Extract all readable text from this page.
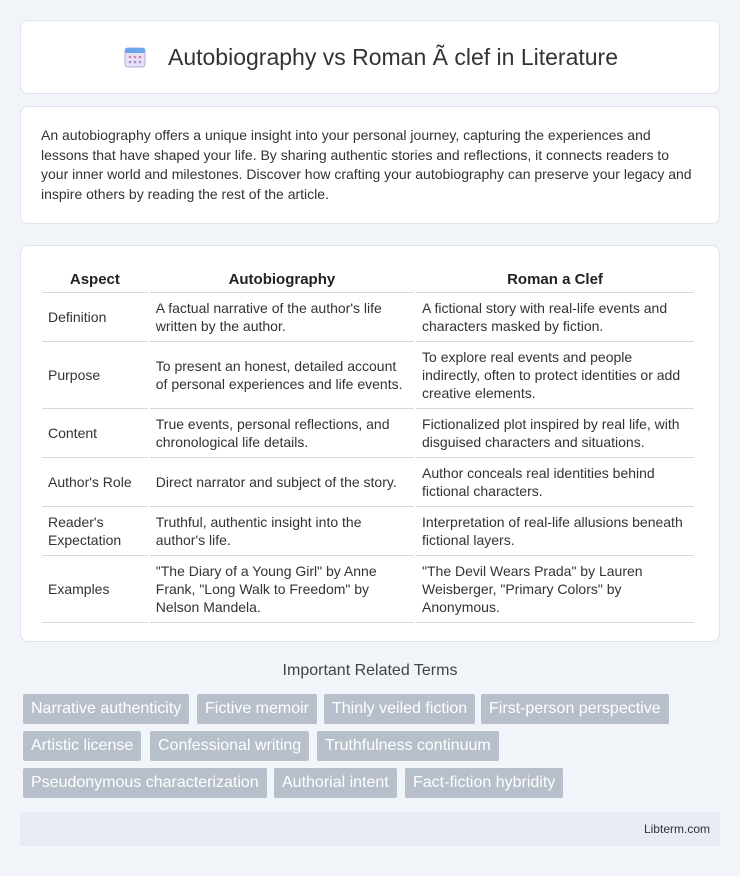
Autobiography vs Roman Ã clef in Literature

An autobiography offers a unique insight into your personal journey, capturing the experiences and lessons that have shaped your life. By sharing authentic stories and reflections, it connects readers to your inner world and milestones. Discover how crafting your autobiography can preserve your legacy and inspire others by reading the rest of the article.

Aspect	Autobiography	Roman a Clef
Definition	A factual narrative of the author's life written by the author.	A fictional story with real-life events and characters masked by fiction.
Purpose	To present an honest, detailed account of personal experiences and life events.	To explore real events and people indirectly, often to protect identities or add creative elements.
Content	True events, personal reflections, and chronological life details.	Fictionalized plot inspired by real life, with disguised characters and situations.
Author's Role	Direct narrator and subject of the story.	Author conceals real identities behind fictional characters.
Reader's Expectation	Truthful, authentic insight into the author's life.	Interpretation of real-life allusions beneath fictional layers.
Examples	"The Diary of a Young Girl" by Anne Frank, "Long Walk to Freedom" by Nelson Mandela.	"The Devil Wears Prada" by Lauren Weisberger, "Primary Colors" by Anonymous.
Important Related Terms
Narrative authenticity	Fictive memoir	Thinly veiled fiction	First-person perspective
Artistic license	Confessional writing	Truthfulness continuum
Pseudonymous characterization	Authorial intent	Fact-fiction hybridity
Libterm.com
